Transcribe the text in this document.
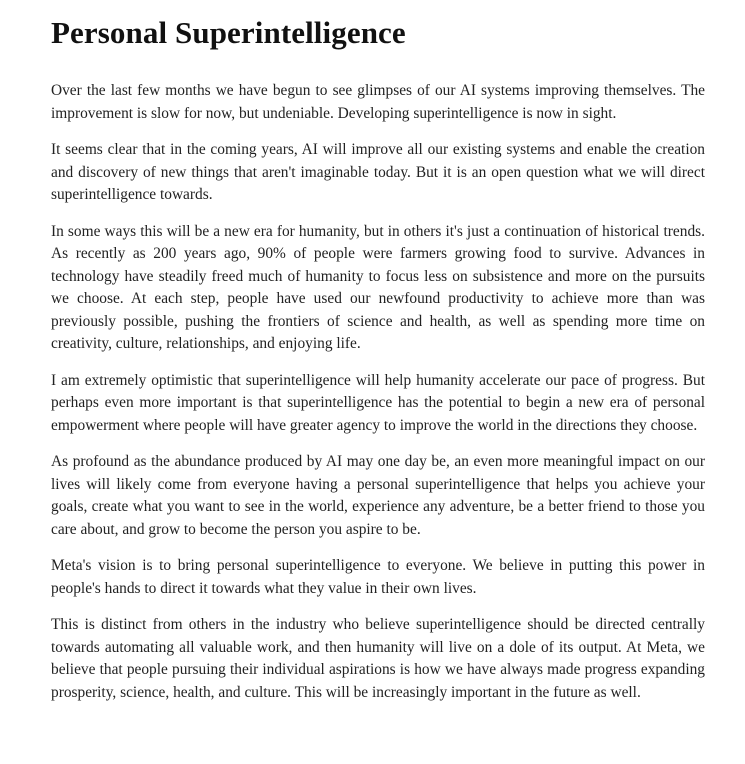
Personal Superintelligence

Over the last few months we have begun to see glimpses of our AI systems improving themselves. The improvement is slow for now, but undeniable. Developing superintelligence is now in sight.

It seems clear that in the coming years, AI will improve all our existing systems and enable the creation and discovery of new things that aren't imaginable today. But it is an open question what we will direct superintelligence towards.

In some ways this will be a new era for humanity, but in others it's just a continuation of historical trends. As recently as 200 years ago, 90% of people were farmers growing food to survive. Advances in technology have steadily freed much of humanity to focus less on subsistence and more on the pursuits we choose. At each step, people have used our newfound productivity to achieve more than was previously possible, pushing the frontiers of science and health, as well as spending more time on creativity, culture, relationships, and enjoying life.

I am extremely optimistic that superintelligence will help humanity accelerate our pace of progress. But perhaps even more important is that superintelligence has the potential to begin a new era of personal empowerment where people will have greater agency to improve the world in the directions they choose.

As profound as the abundance produced by AI may one day be, an even more meaningful impact on our lives will likely come from everyone having a personal superintelligence that helps you achieve your goals, create what you want to see in the world, experience any adventure, be a better friend to those you care about, and grow to become the person you aspire to be.

Meta's vision is to bring personal superintelligence to everyone. We believe in putting this power in people's hands to direct it towards what they value in their own lives.

This is distinct from others in the industry who believe superintelligence should be directed centrally towards automating all valuable work, and then humanity will live on a dole of its output. At Meta, we believe that people pursuing their individual aspirations is how we have always made progress expanding prosperity, science, health, and culture. This will be increasingly important in the future as well.
